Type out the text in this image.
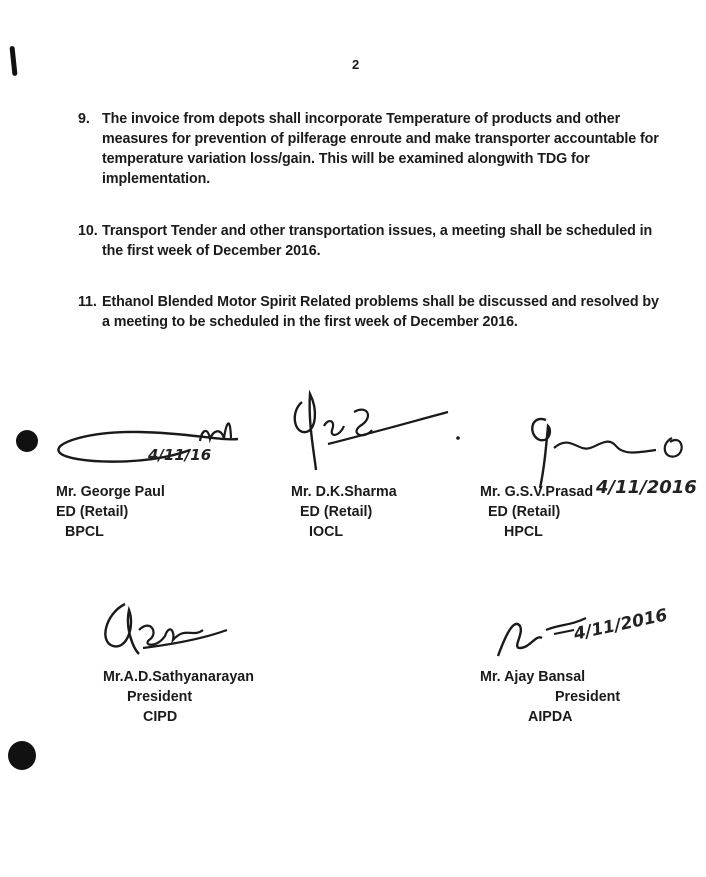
2
9. The invoice from depots shall incorporate Temperature of products and other measures for prevention of pilferage enroute and make transporter accountable for temperature variation loss/gain. This will be examined alongwith TDG for implementation.
10. Transport Tender and other transportation issues, a meeting shall be scheduled in the first week of December 2016.
11. Ethanol Blended Motor Spirit Related problems shall be discussed and resolved by a meeting to be scheduled in the first week of December 2016.
4/11/16
4/11/2016
4/11/2016
Mr. George Paul
ED (Retail)
BPCL
Mr. D.K.Sharma
ED (Retail)
IOCL
Mr. G.S.V.Prasad
ED (Retail)
HPCL
Mr.A.D.Sathyanarayan
President
CIPD
Mr. Ajay Bansal
President
AIPDA
